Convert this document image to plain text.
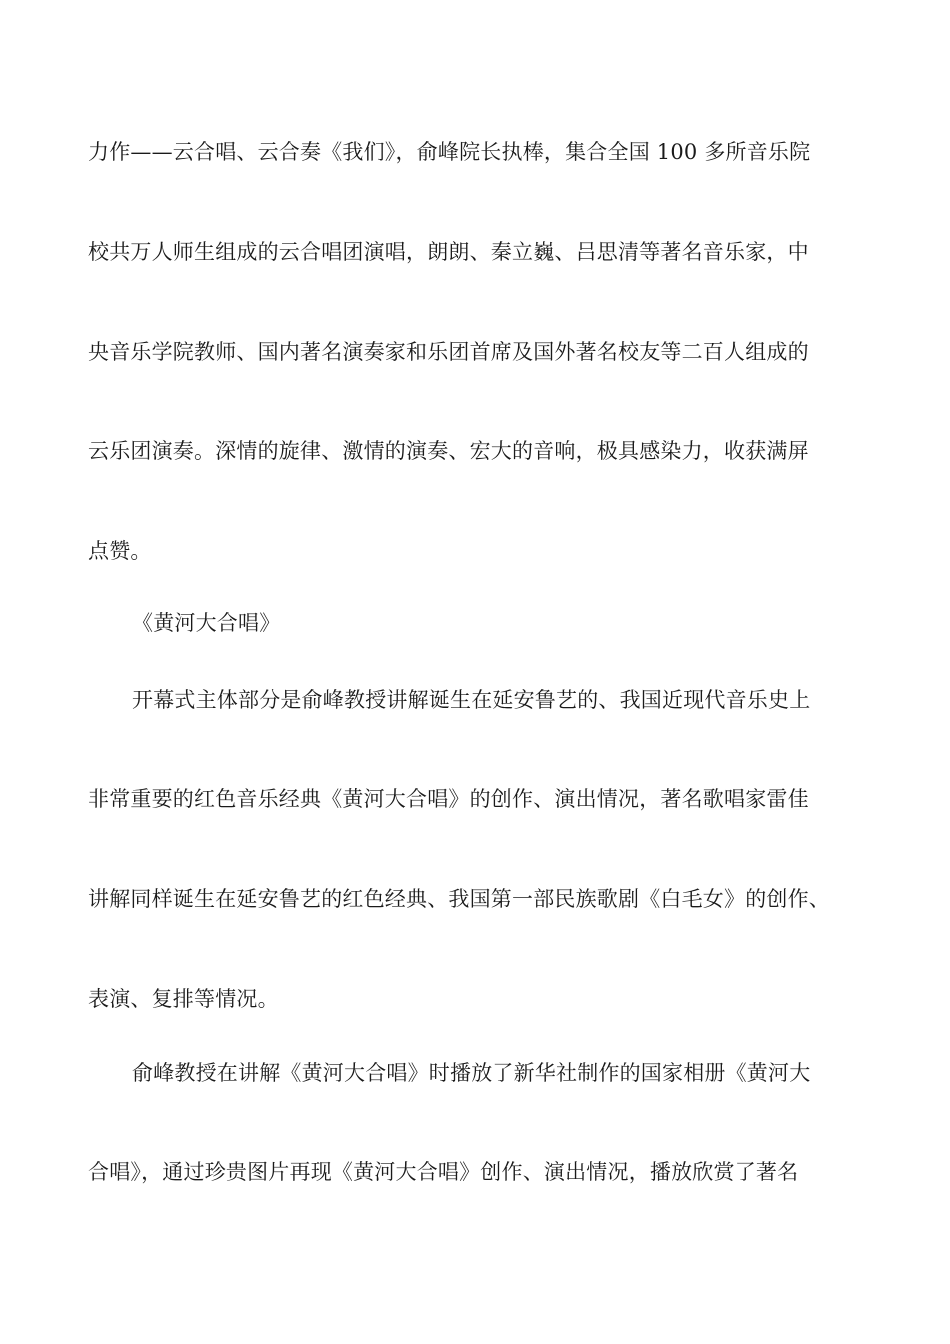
力作——云合唱、云合奏《我们》，俞峰院长执棒，集合全国 100 多所音乐院
校共万人师生组成的云合唱团演唱，朗朗、秦立巍、吕思清等著名音乐家，中
央音乐学院教师、国内著名演奏家和乐团首席及国外著名校友等二百人组成的
云乐团演奏。深情的旋律、激情的演奏、宏大的音响，极具感染力，收获满屏
点赞。
《黄河大合唱》
开幕式主体部分是俞峰教授讲解诞生在延安鲁艺的、我国近现代音乐史上
非常重要的红色音乐经典《黄河大合唱》的创作、演出情况，著名歌唱家雷佳
讲解同样诞生在延安鲁艺的红色经典、我国第一部民族歌剧《白毛女》的创作、
表演、复排等情况。
俞峰教授在讲解《黄河大合唱》时播放了新华社制作的国家相册《黄河大
合唱》，通过珍贵图片再现《黄河大合唱》创作、演出情况，播放欣赏了著名
